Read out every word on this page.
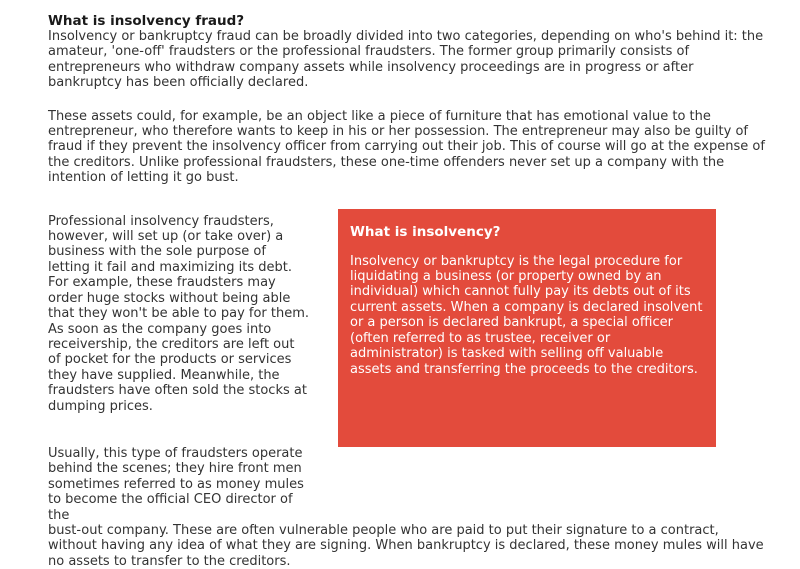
What is insolvency fraud?

Insolvency or bankruptcy fraud can be broadly divided into two categories, depending on who's behind it: the amateur, 'one-off' fraudsters or the professional fraudsters. The former group primarily consists of entrepreneurs who withdraw company assets while insolvency proceedings are in progress or after bankruptcy has been officially declared.

These assets could, for example, be an object like a piece of furniture that has emotional value to the entrepreneur, who therefore wants to keep in his or her possession. The entrepreneur may also be guilty of fraud if they prevent the insolvency officer from carrying out their job. This of course will go at the expense of the creditors. Unlike professional fraudsters, these one-time offenders never set up a company with the intention of letting it go bust.

Professional insolvency fraudsters, however, will set up (or take over) a business with the sole purpose of letting it fail and maximizing its debt. For example, these fraudsters may order huge stocks without being able that they won't be able to pay for them. As soon as the company goes into receivership, the creditors are left out of pocket for the products or services they have supplied. Meanwhile, the fraudsters have often sold the stocks at dumping prices.

What is insolvency?

Insolvency or bankruptcy is the legal procedure for liquidating a business (or property owned by an individual) which cannot fully pay its debts out of its current assets. When a company is declared insolvent or a person is declared bankrupt, a special officer (often referred to as trustee, receiver or administrator) is tasked with selling off valuable assets and transferring the proceeds to the creditors.

Usually, this type of fraudsters operate behind the scenes; they hire front men sometimes referred to as money mules to become the official CEO director of the

bust-out company. These are often vulnerable people who are paid to put their signature to a contract, without having any idea of what they are signing. When bankruptcy is declared, these money mules will have no assets to transfer to the creditors.
